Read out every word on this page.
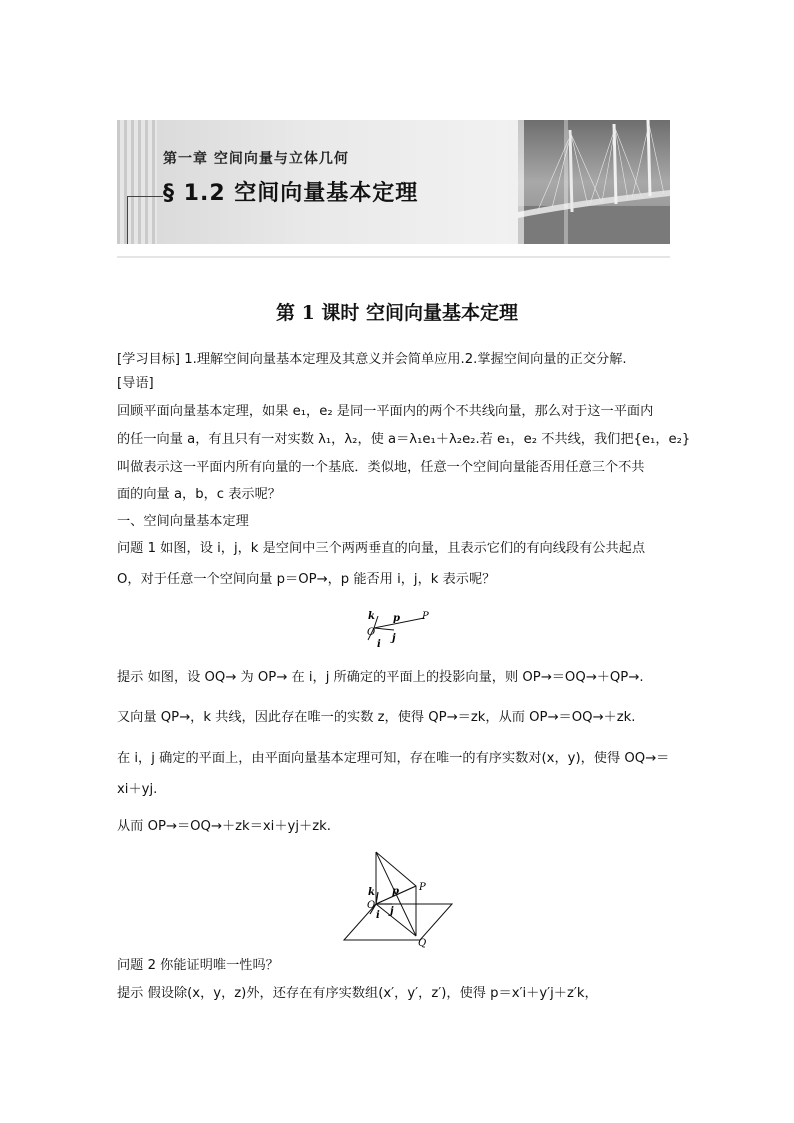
第一章 空间向量与立体几何
§ 1.2 空间向量基本定理
第 1 课时 空间向量基本定理
[学习目标] 1.理解空间向量基本定理及其意义并会简单应用.2.掌握空间向量的正交分解.
[导语]
回顾平面向量基本定理，如果 e₁，e₂ 是同一平面内的两个不共线向量，那么对于这一平面内
的任一向量 a，有且只有一对实数 λ₁，λ₂，使 a＝λ₁e₁＋λ₂e₂.若 e₁，e₂ 不共线，我们把{e₁，e₂}
叫做表示这一平面内所有向量的一个基底．类似地，任意一个空间向量能否用任意三个不共
面的向量 a，b，c 表示呢？
一、空间向量基本定理
问题 1 如图，设 i，j，k 是空间中三个两两垂直的向量，且表示它们的有向线段有公共起点
O，对于任意一个空间向量 p＝OP→，p 能否用 i，j，k 表示呢？
k p P
O
i
j
提示 如图，设 OQ→ 为 OP→ 在 i，j 所确定的平面上的投影向量，则 OP→＝OQ→＋QP→.
又向量 QP→，k 共线，因此存在唯一的实数 z，使得 QP→＝zk，从而 OP→＝OQ→＋zk.
在 i，j 确定的平面上，由平面向量基本定理可知，存在唯一的有序实数对(x，y)，使得 OQ→＝
xi＋yj.
从而 OP→＝OQ→＋zk＝xi＋yj＋zk.
k p P
O
i j
Q
问题 2 你能证明唯一性吗？
提示 假设除(x，y，z)外，还存在有序实数组(x′，y′，z′)，使得 p＝x′i＋y′j＋z′k，
